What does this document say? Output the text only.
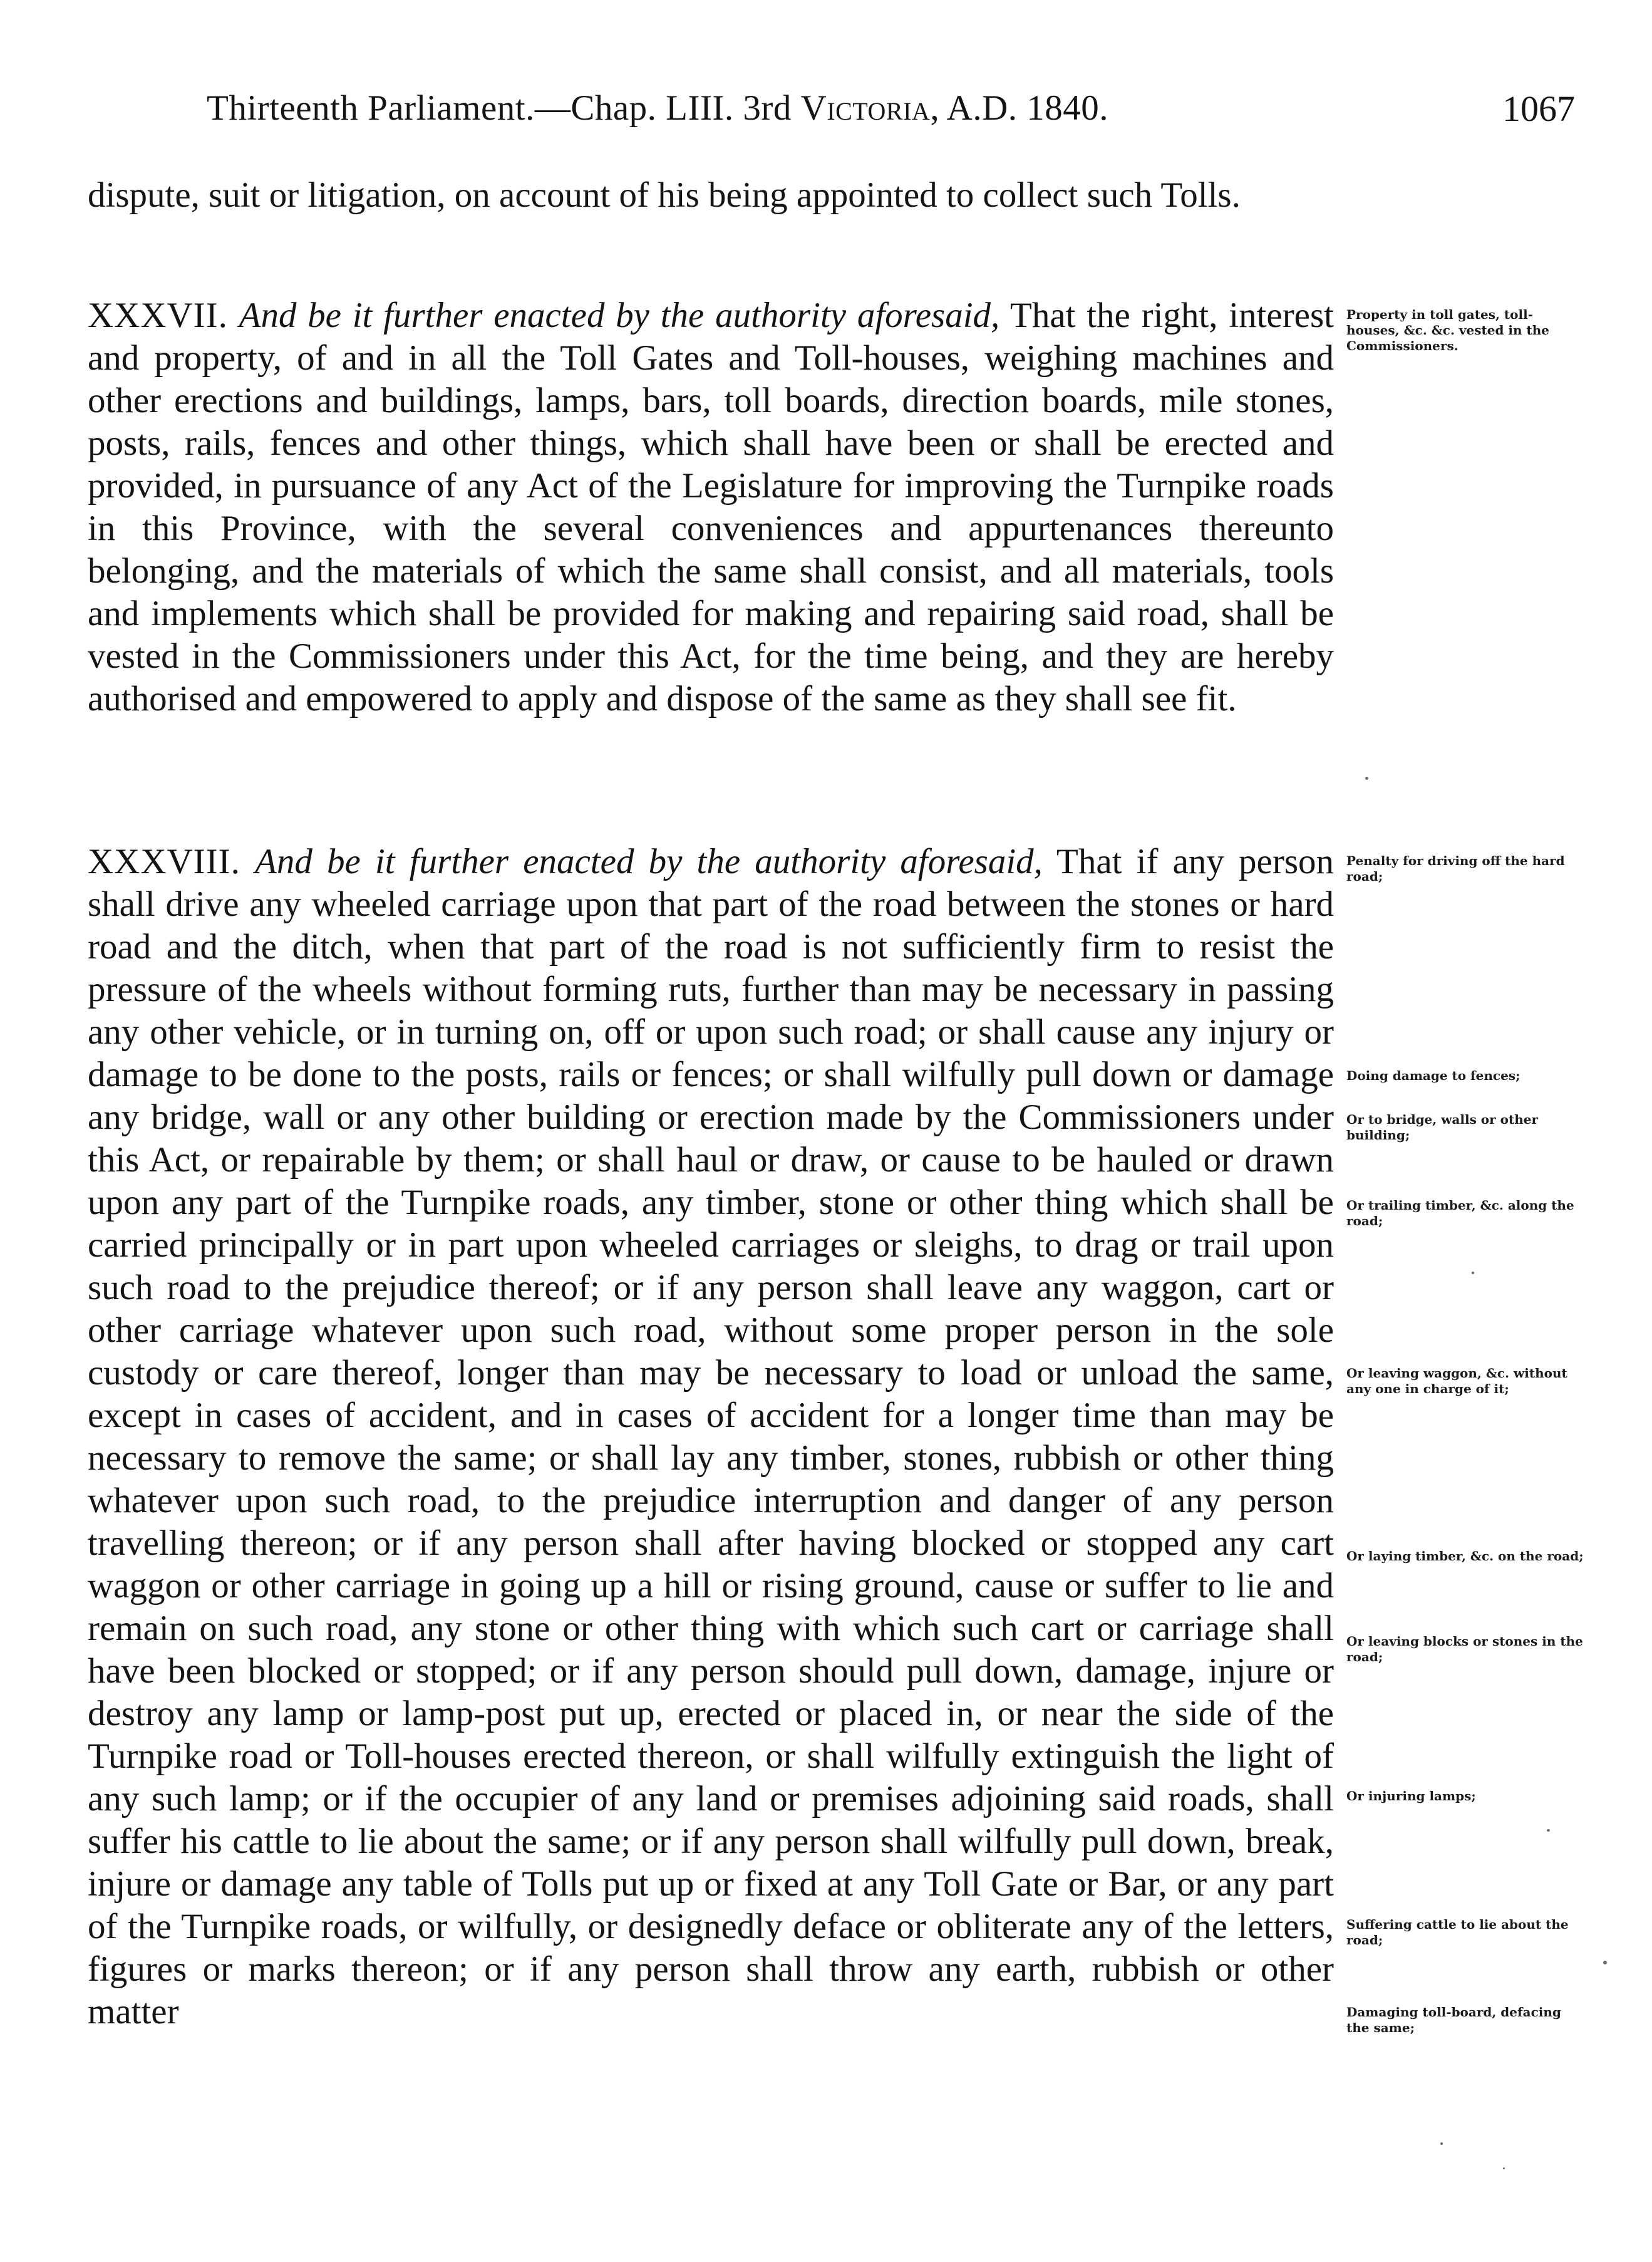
Thirteenth Parliament.—Chap. LIII. 3rd Victoria, A.D. 1840.	1067

dispute, suit or litigation, on account of his being appointed to collect such Tolls.

XXXVII. And be it further enacted by the authority aforesaid, That the right, interest and property, of and in all the Toll Gates and Toll-houses, weighing machines and other erections and buildings, lamps, bars, toll boards, direction boards, mile stones, posts, rails, fences and other things, which shall have been or shall be erected and provided, in pursuance of any Act of the Legislature for improving the Turnpike roads in this Province, with the several conveniences and appurtenances thereunto belonging, and the materials of which the same shall consist, and all materials, tools and implements which shall be provided for making and repairing said road, shall be vested in the Commissioners under this Act, for the time being, and they are hereby authorised and empowered to apply and dispose of the same as they shall see fit.

XXXVIII. And be it further enacted by the authority aforesaid, That if any person shall drive any wheeled carriage upon that part of the road between the stones or hard road and the ditch, when that part of the road is not sufficiently firm to resist the pressure of the wheels without forming ruts, further than may be necessary in passing any other vehicle, or in turning on, off or upon such road; or shall cause any injury or damage to be done to the posts, rails or fences; or shall wilfully pull down or damage any bridge, wall or any other building or erection made by the Commissioners under this Act, or repairable by them; or shall haul or draw, or cause to be hauled or drawn upon any part of the Turnpike roads, any timber, stone or other thing which shall be carried principally or in part upon wheeled carriages or sleighs, to drag or trail upon such road to the prejudice thereof; or if any person shall leave any waggon, cart or other carriage whatever upon such road, without some proper person in the sole custody or care thereof, longer than may be necessary to load or unload the same, except in cases of accident, and in cases of accident for a longer time than may be necessary to remove the same; or shall lay any timber, stones, rubbish or other thing whatever upon such road, to the prejudice interruption and danger of any person travelling thereon; or if any person shall after having blocked or stopped any cart waggon or other carriage in going up a hill or rising ground, cause or suffer to lie and remain on such road, any stone or other thing with which such cart or carriage shall have been blocked or stopped; or if any person should pull down, damage, injure or destroy any lamp or lamp-post put up, erected or placed in, or near the side of the Turnpike road or Toll-houses erected thereon, or shall wilfully extinguish the light of any such lamp; or if the occupier of any land or premises adjoining said roads, shall suffer his cattle to lie about the same; or if any person shall wilfully pull down, break, injure or damage any table of Tolls put up or fixed at any Toll Gate or Bar, or any part of the Turnpike roads, or wilfully, or designedly deface or obliterate any of the letters, figures or marks thereon; or if any person shall throw any earth, rubbish or other matter

Property in toll gates, toll-houses, &c. &c. vested in the Commissioners.
Penalty for driving off the hard road;
Doing damage to fences;
Or to bridge, walls or other building;
Or trailing timber, &c. along the road;
Or leaving waggon, &c. without any one in charge of it;
Or laying timber, &c. on the road;
Or leaving blocks or stones in the road;
Or injuring lamps;
Suffering cattle to lie about the road;
Damaging toll-board, defacing the same;
